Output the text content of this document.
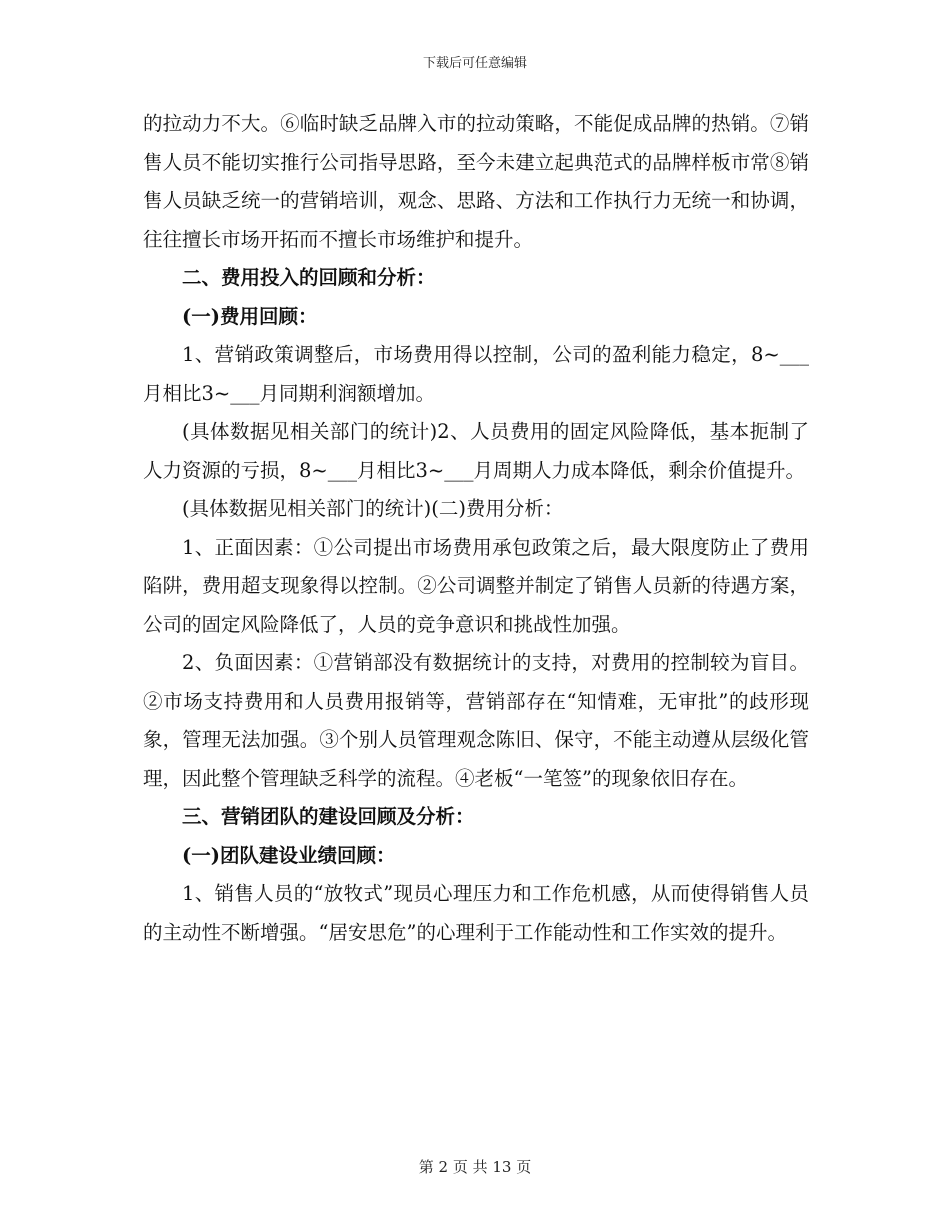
下载后可任意编辑

的拉动力不大。⑥临时缺乏品牌入市的拉动策略，不能促成品牌的热销。⑦销售人员不能切实推行公司指导思路，至今未建立起典范式的品牌样板市常⑧销售人员缺乏统一的营销培训，观念、思路、方法和工作执行力无统一和协调，往往擅长市场开拓而不擅长市场维护和提升。

二、费用投入的回顾和分析：

(一)费用回顾：

1、营销政策调整后，市场费用得以控制，公司的盈利能力稳定，8~___月相比3~___月同期利润额增加。

(具体数据见相关部门的统计)2、人员费用的固定风险降低，基本扼制了人力资源的亏损，8~___月相比3~___月周期人力成本降低，剩余价值提升。

(具体数据见相关部门的统计)(二)费用分析：

1、正面因素：①公司提出市场费用承包政策之后，最大限度防止了费用陷阱，费用超支现象得以控制。②公司调整并制定了销售人员新的待遇方案，公司的固定风险降低了，人员的竞争意识和挑战性加强。

2、负面因素：①营销部没有数据统计的支持，对费用的控制较为盲目。②市场支持费用和人员费用报销等，营销部存在“知情难，无审批”的歧形现象，管理无法加强。③个别人员管理观念陈旧、保守，不能主动遵从层级化管理，因此整个管理缺乏科学的流程。④老板“一笔签”的现象依旧存在。

三、营销团队的建设回顾及分析：

(一)团队建设业绩回顾：

1、销售人员的“放牧式”现员心理压力和工作危机感，从而使得销售人员的主动性不断增强。“居安思危”的心理利于工作能动性和工作实效的提升。

第 2 页 共 13 页
